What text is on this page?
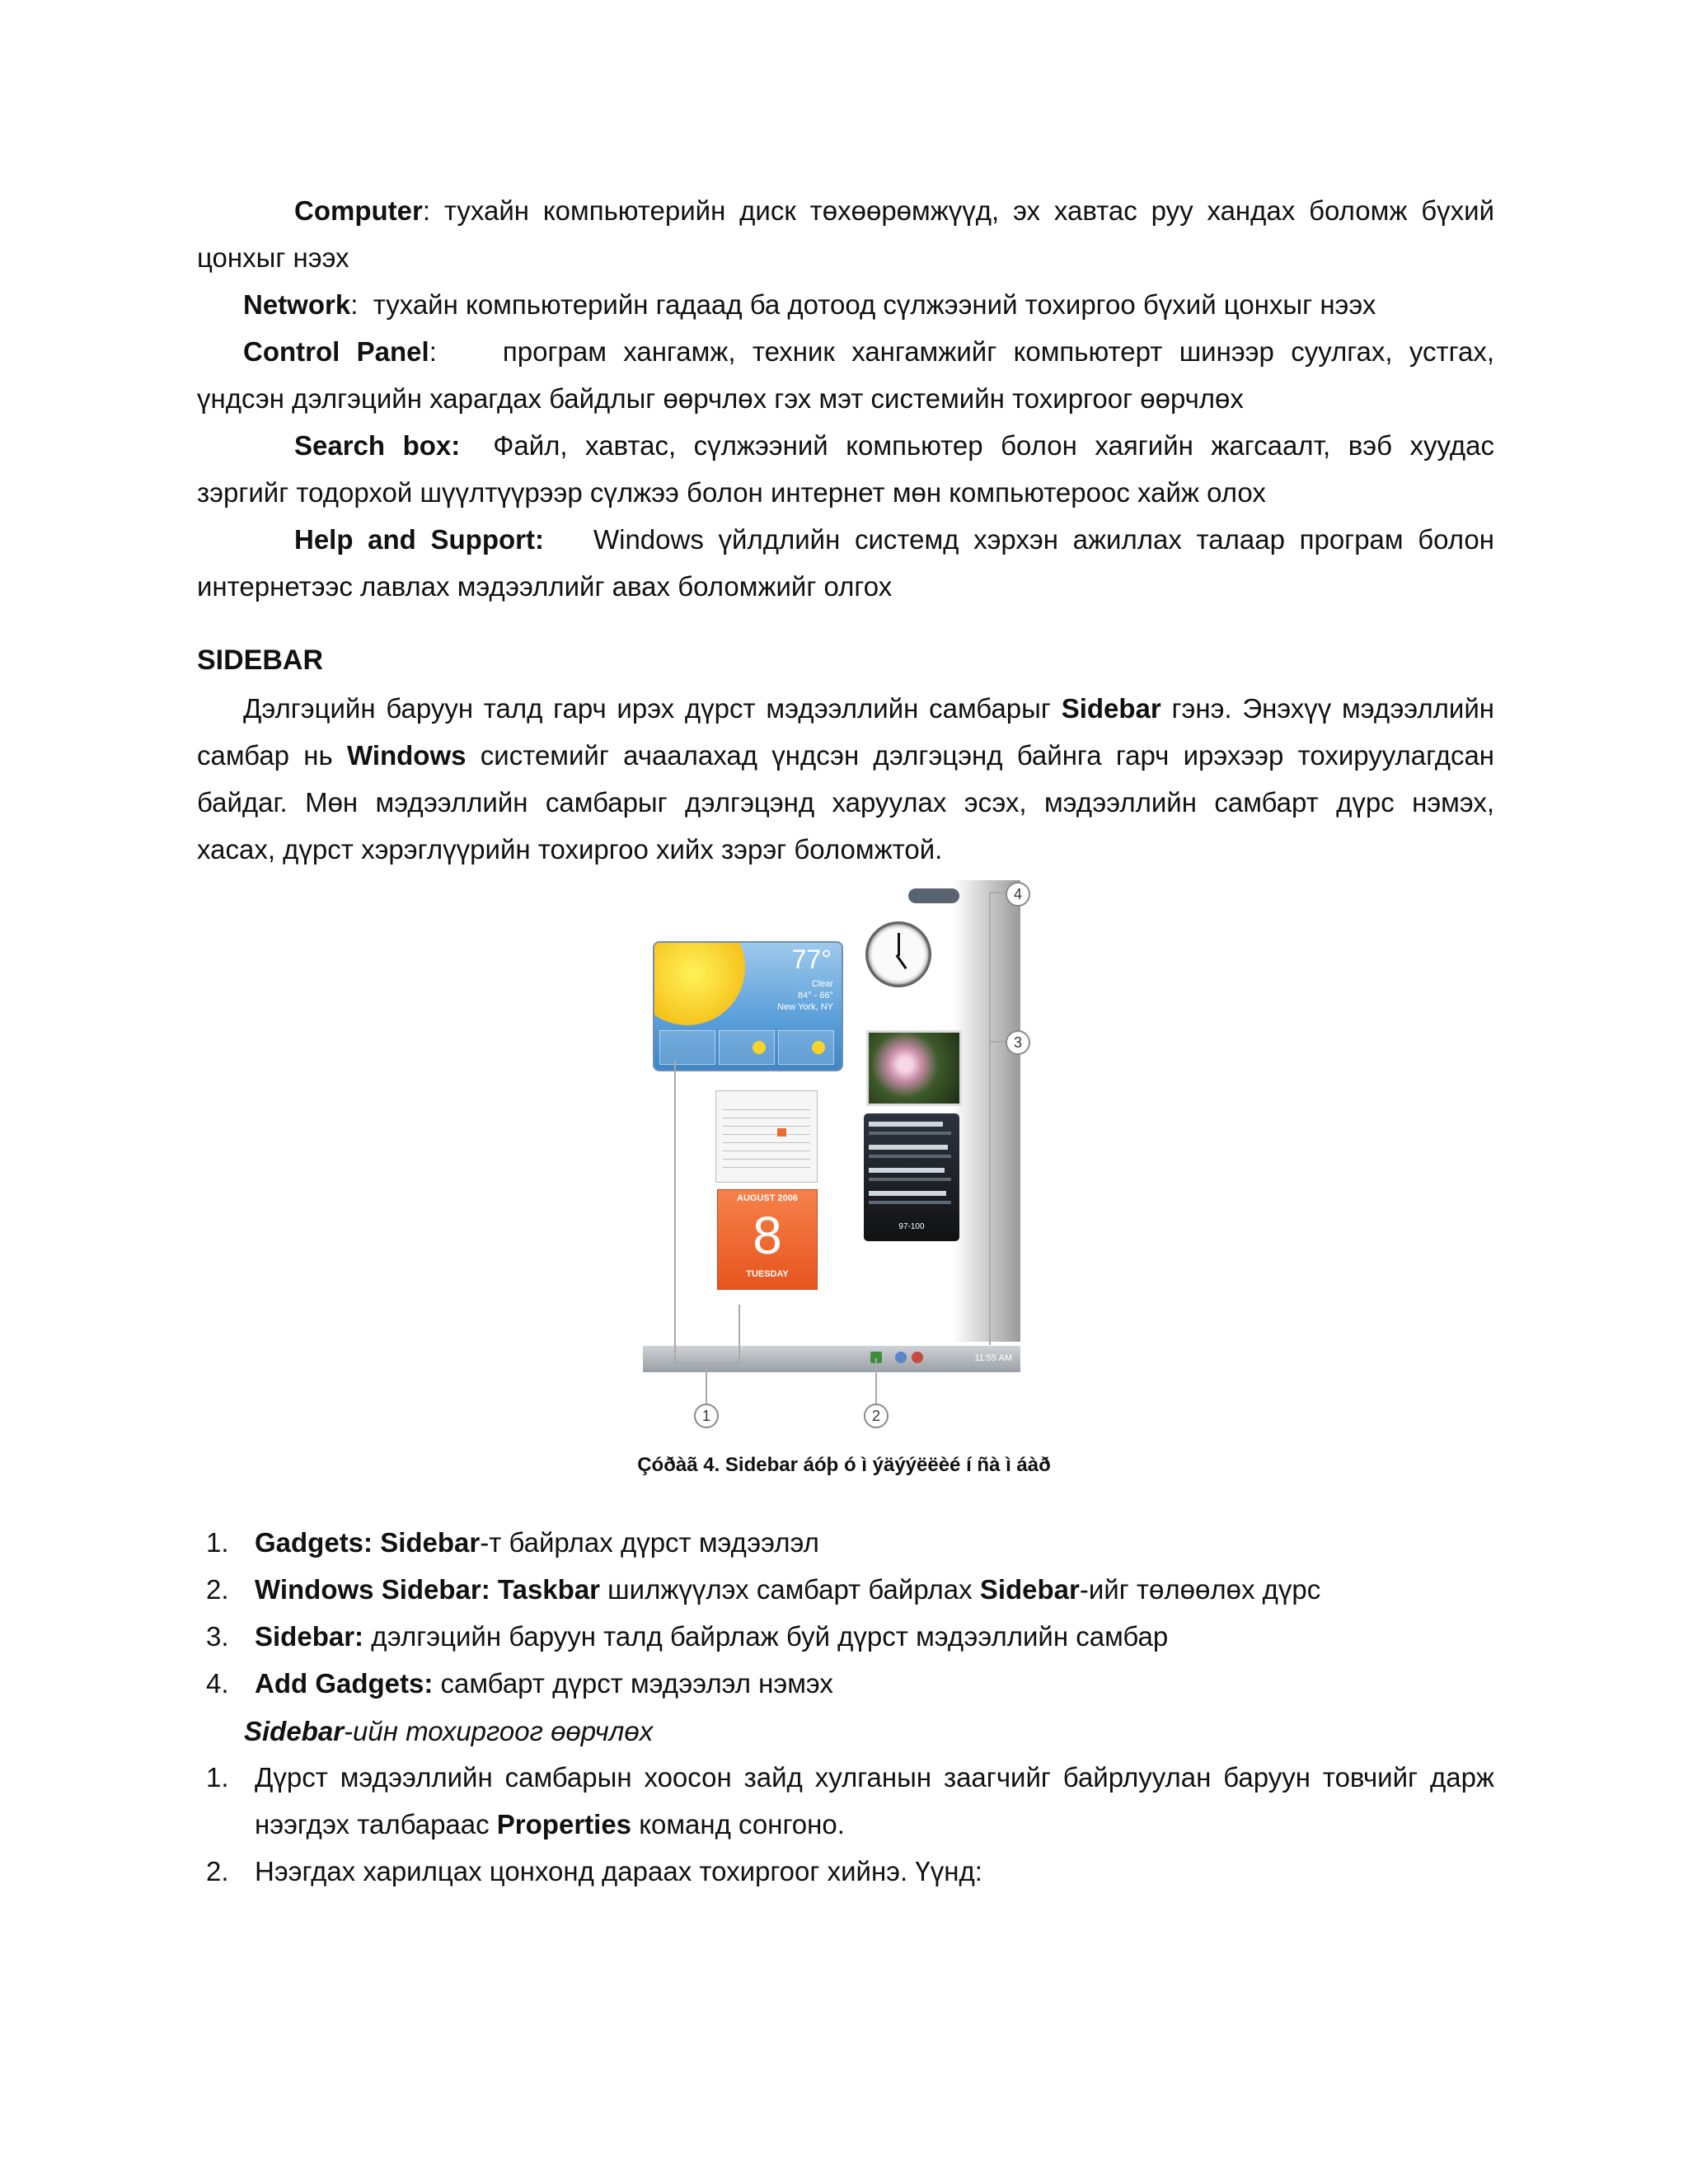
Computer: тухайн компьютерийн диск төхөөрөмжүүд, эх хавтас руу хандах боломж бүхий
цонхыг нээх
Network:  тухайн компьютерийн гадаад ба дотоод сүлжээний тохиргоо бүхий цонхыг нээх
Control Panel: програм хангамж, техник хангамжийг компьютерт шинээр суулгах, устгах,
үндсэн дэлгэцийн харагдах байдлыг өөрчлөх гэх мэт системийн тохиргоог өөрчлөх
Search box: Файл, хавтас, сүлжээний компьютер болон хаягийн жагсаалт, вэб хуудас
зэргийг тодорхой шүүлтүүрээр сүлжээ болон интернет мөн компьютероос хайж олох
Help and Support: Windows үйлдлийн системд хэрхэн ажиллах талаар програм болон
интернетээс лавлах мэдээллийг авах боломжийг олгох
SIDEBAR
Дэлгэцийн баруун талд гарч ирэх дүрст мэдээллийн самбарыг Sidebar гэнэ. Энэхүү мэдээллийн
самбар нь Windows системийг ачаалахад үндсэн дэлгэцэнд байнга гарч ирэхээр тохируулагдсан
байдаг. Мөн мэдээллийн самбарыг дэлгэцэнд харуулах эсэх, мэдээллийн самбарт дүрс нэмэх,
хасах, дүрст хэрэглүүрийн тохиргоо хийх зэрэг боломжтой.
77°
Clear
84° - 66°
New York, NY
97-100
AUGUST 2006
8
TUESDAY
11:55 AM
4
3
1	2
Çóðàã 4. Sidebar áóþ ó ì ýäýýëëèé í ñà ì áàð
1. Gadgets: Sidebar-т байрлах дүрст мэдээлэл
2. Windows Sidebar: Taskbar шилжүүлэх самбарт байрлах Sidebar-ийг төлөөлөх дүрс
3. Sidebar: дэлгэцийн баруун талд байрлаж буй дүрст мэдээллийн самбар
4. Add Gadgets: самбарт дүрст мэдээлэл нэмэх
Sidebar-ийн тохиргоог өөрчлөх
1. Дүрст мэдээллийн самбарын хоосон зайд хулганын заагчийг байрлуулан баруун товчийг дарж
нээгдэх талбараас Properties команд сонгоно.
2. Нээгдах харилцах цонхонд дараах тохиргоог хийнэ. Үүнд:
